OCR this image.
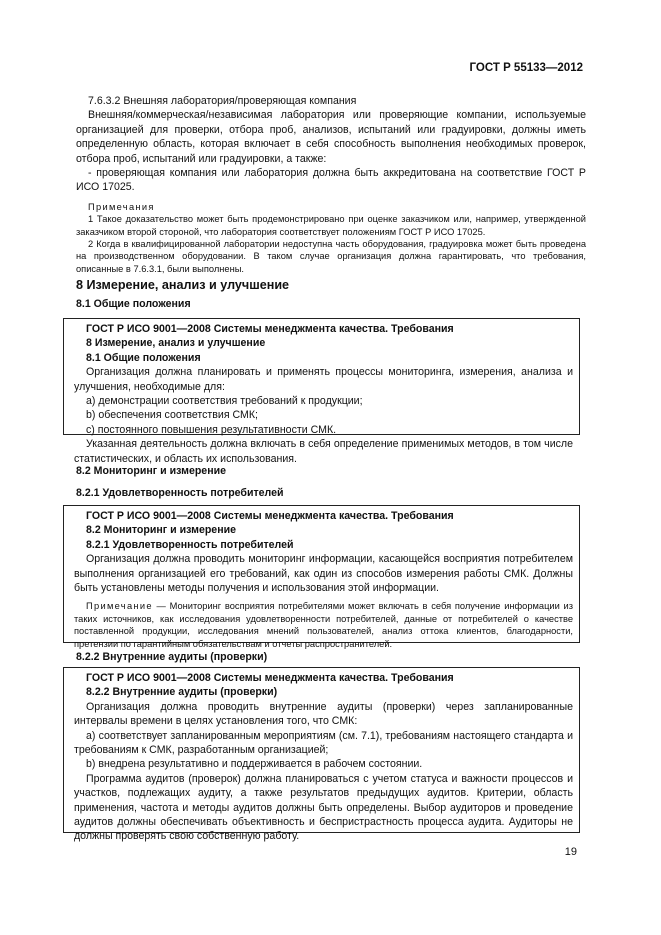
ГОСТ Р 55133—2012

7.6.3.2 Внешняя лаборатория/проверяющая компания

Внешняя/коммерческая/независимая лаборатория или проверяющие компании, используемые организацией для проверки, отбора проб, анализов, испытаний или градуировки, должны иметь определенную область, которая включает в себя способность выполнения необходимых проверок, отбора проб, испытаний или градуировки, а также:

- проверяющая компания или лаборатория должна быть аккредитована на соответствие ГОСТ Р ИСО 17025.

Примечания

1 Такое доказательство может быть продемонстрировано при оценке заказчиком или, например, утвержденной заказчиком второй стороной, что лаборатория соответствует положениям ГОСТ Р ИСО 17025.

2 Когда в квалифицированной лаборатории недоступна часть оборудования, градуировка может быть проведена на производственном оборудовании. В таком случае организация должна гарантировать, что требования, описанные в 7.6.3.1, были выполнены.

8 Измерение, анализ и улучшение

8.1 Общие положения

ГОСТ Р ИСО 9001—2008 Системы менеджмента качества. Требования

8 Измерение, анализ и улучшение

8.1 Общие положения

Организация должна планировать и применять процессы мониторинга, измерения, анализа и улучшения, необходимые для:

a) демонстрации соответствия требований к продукции;

b) обеспечения соответствия СМК;

c) постоянного повышения результативности СМК.

Указанная деятельность должна включать в себя определение применимых методов, в том числе статистических, и область их использования.

8.2 Мониторинг и измерение

8.2.1 Удовлетворенность потребителей

ГОСТ Р ИСО 9001—2008 Системы менеджмента качества. Требования

8.2 Мониторинг и измерение

8.2.1 Удовлетворенность потребителей

Организация должна проводить мониторинг информации, касающейся восприятия потребителем выполнения организацией его требований, как один из способов измерения работы СМК. Должны быть установлены методы получения и использования этой информации.

Примечание — Мониторинг восприятия потребителями может включать в себя получение информации из таких источников, как исследования удовлетворенности потребителей, данные от потребителей о качестве поставленной продукции, исследования мнений пользователей, анализ оттока клиентов, благодарности, претензии по гарантийным обязательствам и отчеты распространителей.

8.2.2 Внутренние аудиты (проверки)

ГОСТ Р ИСО 9001—2008 Системы менеджмента качества. Требования

8.2.2 Внутренние аудиты (проверки)

Организация должна проводить внутренние аудиты (проверки) через запланированные интервалы времени в целях установления того, что СМК:

a) соответствует запланированным мероприятиям (см. 7.1), требованиям настоящего стандарта и требованиям к СМК, разработанным организацией;

b) внедрена результативно и поддерживается в рабочем состоянии.

Программа аудитов (проверок) должна планироваться с учетом статуса и важности процессов и участков, подлежащих аудиту, а также результатов предыдущих аудитов. Критерии, область применения, частота и методы аудитов должны быть определены. Выбор аудиторов и проведение аудитов должны обеспечивать объективность и беспристрастность процесса аудита. Аудиторы не должны проверять свою собственную работу.

19
